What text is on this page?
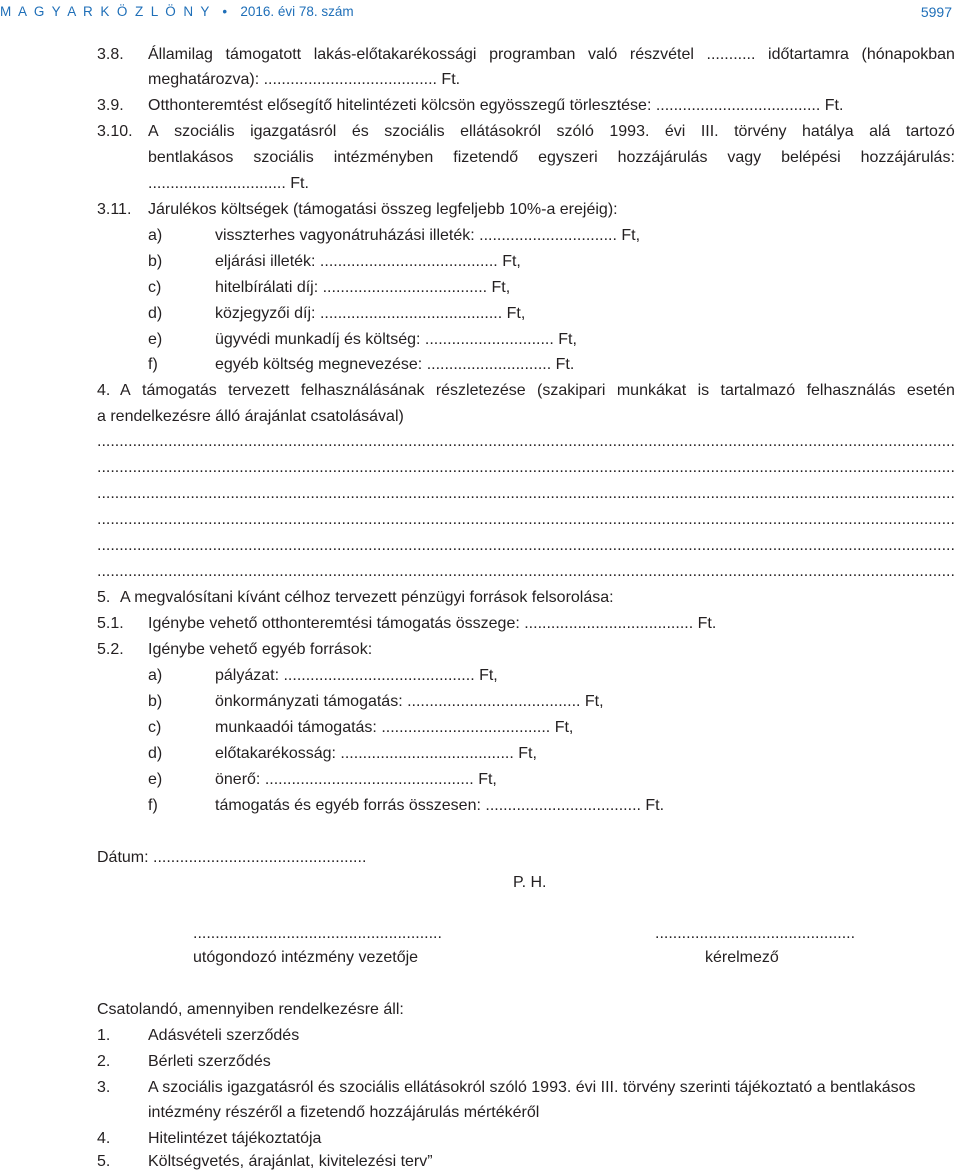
M A G Y A R K Ö Z L Ö N Y • 2016. évi 78. szám	5997
3.8. Államilag támogatott lakás-előtakarékossági programban való részvétel ........... időtartamra (hónapokban
meghatározva): ....................................... Ft.
3.9. Otthonteremtést elősegítő hitelintézeti kölcsön egyösszegű törlesztése: ..................................... Ft.
3.10. A szociális igazgatásról és szociális ellátásokról szóló 1993. évi III. törvény hatálya alá tartozó
bentlakásos szociális intézményben fizetendő egyszeri hozzájárulás vagy belépési hozzájárulás:
............................... Ft.
3.11. Járulékos költségek (támogatási összeg legfeljebb 10%-a erejéig):
a)	visszterhes vagyonátruházási illeték: ............................... Ft,
b)	eljárási illeték: ........................................ Ft,
c)	hitelbírálati díj: ..................................... Ft,
d)	közjegyzői díj: ......................................... Ft,
e)	ügyvédi munkadíj és költség: ............................. Ft,
f)	egyéb költség megnevezése: ............................ Ft.
4. A támogatás tervezett felhasználásának részletezése (szakipari munkákat is tartalmazó felhasználás esetén
a rendelkezésre álló árajánlat csatolásával)
.....
.....
.....
.....
.....
.....
5. A megvalósítani kívánt célhoz tervezett pénzügyi források felsorolása:
5.1. Igénybe vehető otthonteremtési támogatás összege: ...................................... Ft.
5.2. Igénybe vehető egyéb források:
a)	pályázat: ........................................... Ft,
b)	önkormányzati támogatás: ....................................... Ft,
c)	munkaadói támogatás: ...................................... Ft,
d)	előtakarékosság: ....................................... Ft,
e)	önerő: ............................................... Ft,
f)	támogatás és egyéb forrás összesen: ................................... Ft.
Dátum: ................................................
P. H.
........................................................	.............................................
utógondozó intézmény vezetője	kérelmező
Csatolandó, amennyiben rendelkezésre áll:
1. Adásvételi szerződés
2. Bérleti szerződés
3. A szociális igazgatásról és szociális ellátásokról szóló 1993. évi III. törvény szerinti tájékoztató a bentlakásos
intézmény részéről a fizetendő hozzájárulás mértékéről
4. Hitelintézet tájékoztatója
5. Költségvetés, árajánlat, kivitelezési terv”
